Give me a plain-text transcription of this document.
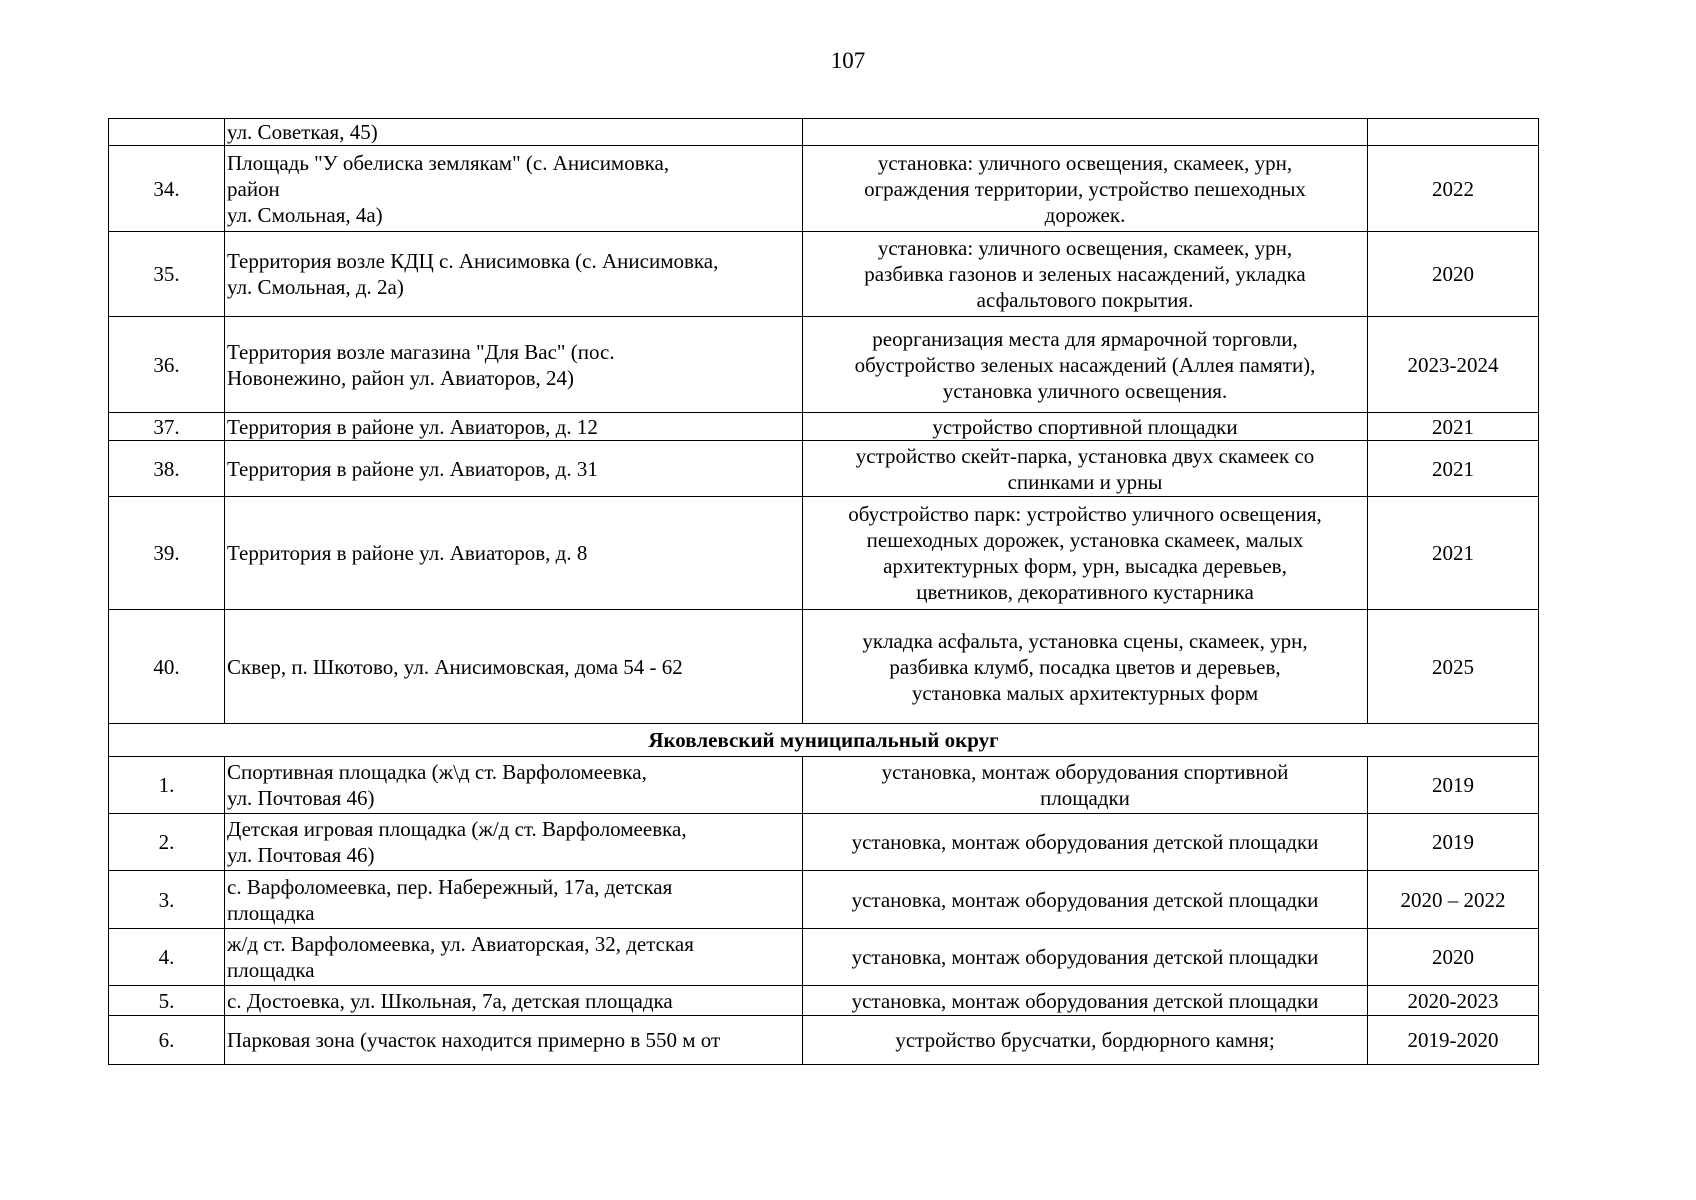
107
	ул. Советкая, 45)		
34.	Площадь "У обелиска землякам" (с. Анисимовка,
район
ул. Смольная, 4а)	установка: уличного освещения, скамеек, урн,
ограждения территории, устройство пешеходных
дорожек.	2022
35.	Территория возле КДЦ с. Анисимовка (с. Анисимовка,
ул. Смольная, д. 2а)	установка: уличного освещения, скамеек, урн,
разбивка газонов и зеленых насаждений, укладка
асфальтового покрытия.	2020
36.	Территория возле магазина "Для Вас" (пос.
Новонежино, район ул. Авиаторов, 24)	реорганизация места для ярмарочной торговли,
обустройство зеленых насаждений (Аллея памяти),
установка уличного освещения.	2023-2024
37.	Территория в районе ул. Авиаторов, д. 12	устройство спортивной площадки	2021
38.	Территория в районе ул. Авиаторов, д. 31	устройство скейт-парка, установка двух скамеек со
спинками и урны	2021
39.	Территория в районе ул. Авиаторов, д. 8	обустройство парк: устройство уличного освещения,
пешеходных дорожек, установка скамеек, малых
архитектурных форм, урн, высадка деревьев,
цветников, декоративного кустарника	2021
40.	Сквер, п. Шкотово, ул. Анисимовская, дома 54 - 62	укладка асфальта, установка сцены, скамеек, урн,
разбивка клумб, посадка цветов и деревьев,
установка малых архитектурных форм	2025
Яковлевский муниципальный округ			
1.	Спортивная площадка (ж\д ст. Варфоломеевка,
ул. Почтовая 46)	установка, монтаж оборудования спортивной
площадки	2019
2.	Детская игровая площадка (ж/д ст. Варфоломеевка,
ул. Почтовая 46)	установка, монтаж оборудования детской площадки	2019
3.	с. Варфоломеевка, пер. Набережный, 17а, детская
площадка	установка, монтаж оборудования детской площадки	2020 – 2022
4.	ж/д ст. Варфоломеевка, ул. Авиаторская, 32, детская
площадка	установка, монтаж оборудования детской площадки	2020
5.	с. Достоевка, ул. Школьная, 7а, детская площадка	установка, монтаж оборудования детской площадки	2020-2023
6.	Парковая зона (участок находится примерно в 550 м от	устройство брусчатки, бордюрного камня;	2019-2020
